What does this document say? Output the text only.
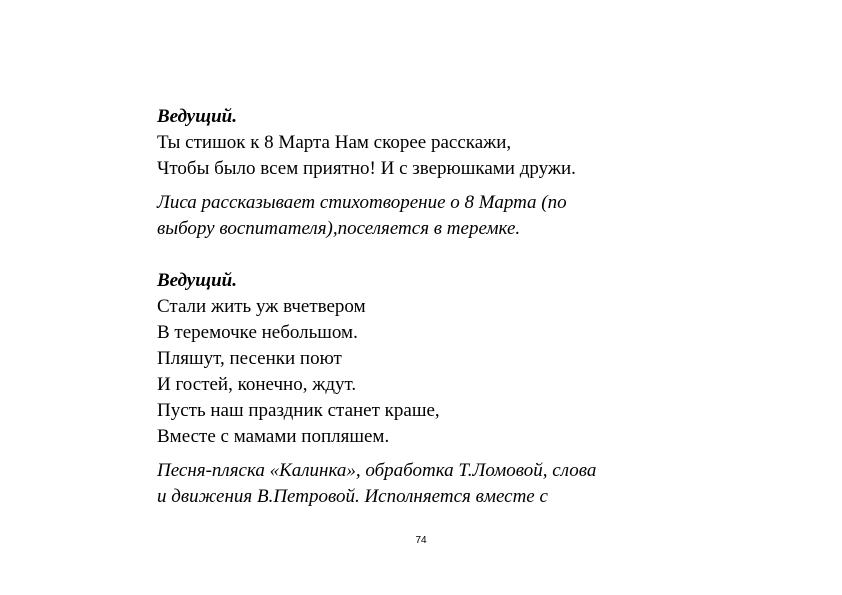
Ведущий.
Ты стишок к 8 Марта Нам скорее расскажи,
Чтобы было всем приятно! И с зверюшками дружи.
Лиса рассказывает стихотворение о 8 Марта (по
выбору воспитателя),поселяется в теремке.
Ведущий.
Стали жить уж вчетвером
В теремочке небольшом.
Пляшут, песенки поют
И гостей, конечно, ждут.
Пусть наш праздник станет краше,
Вместе с мамами попляшем.
Песня-пляска «Калинка», обработка Т.Ломовой, слова
и движения В.Петровой. Исполняется вместе с
74
